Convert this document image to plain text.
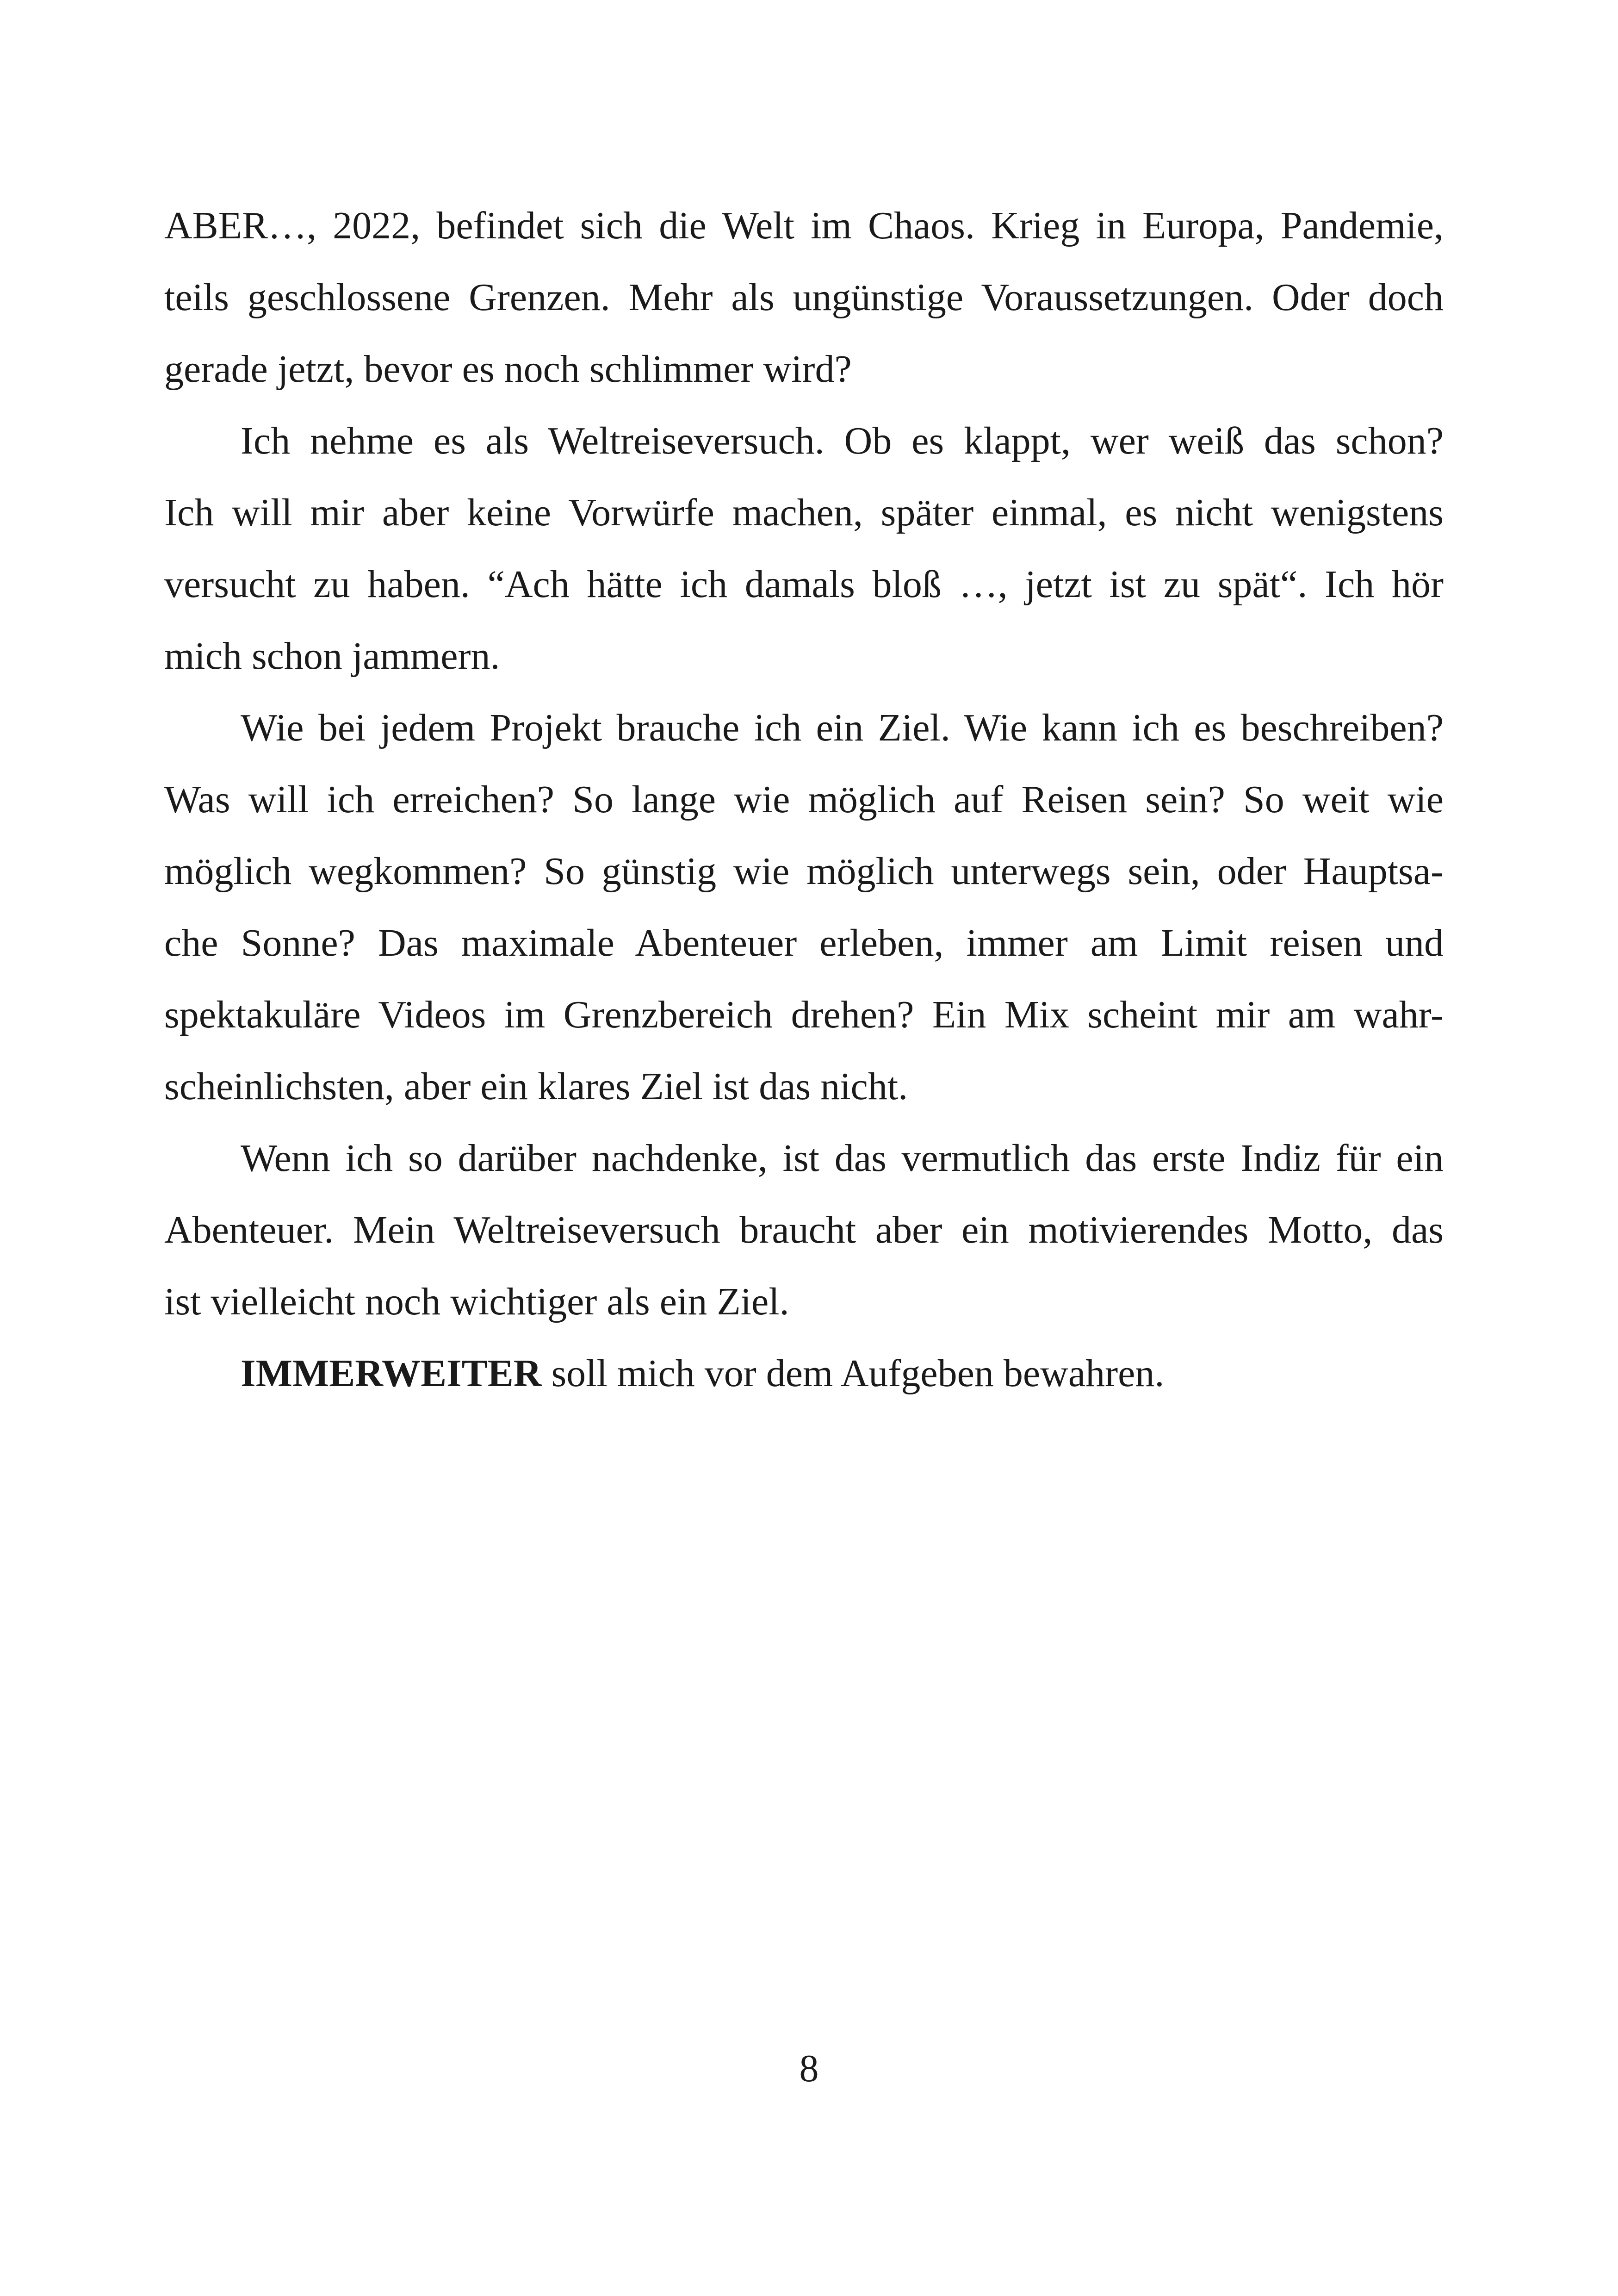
ABER…, 2022, befindet sich die Welt im Chaos. Krieg in Europa, Pandemie,
teils geschlossene Grenzen. Mehr als ungünstige Voraussetzungen. Oder doch
gerade jetzt, bevor es noch schlimmer wird?
Ich nehme es als Weltreiseversuch. Ob es klappt, wer weiß das schon?
Ich will mir aber keine Vorwürfe machen, später einmal, es nicht wenigstens
versucht zu haben. “Ach hätte ich damals bloß …, jetzt ist zu spät“. Ich hör
mich schon jammern.
Wie bei jedem Projekt brauche ich ein Ziel. Wie kann ich es beschreiben?
Was will ich erreichen? So lange wie möglich auf Reisen sein? So weit wie
möglich wegkommen? So günstig wie möglich unterwegs sein, oder Hauptsa-
che Sonne? Das maximale Abenteuer erleben, immer am Limit reisen und
spektakuläre Videos im Grenzbereich drehen? Ein Mix scheint mir am wahr-
scheinlichsten, aber ein klares Ziel ist das nicht.
Wenn ich so darüber nachdenke, ist das vermutlich das erste Indiz für ein
Abenteuer. Mein Weltreiseversuch braucht aber ein motivierendes Motto, das
ist vielleicht noch wichtiger als ein Ziel.
IMMERWEITER soll mich vor dem Aufgeben bewahren.
8
